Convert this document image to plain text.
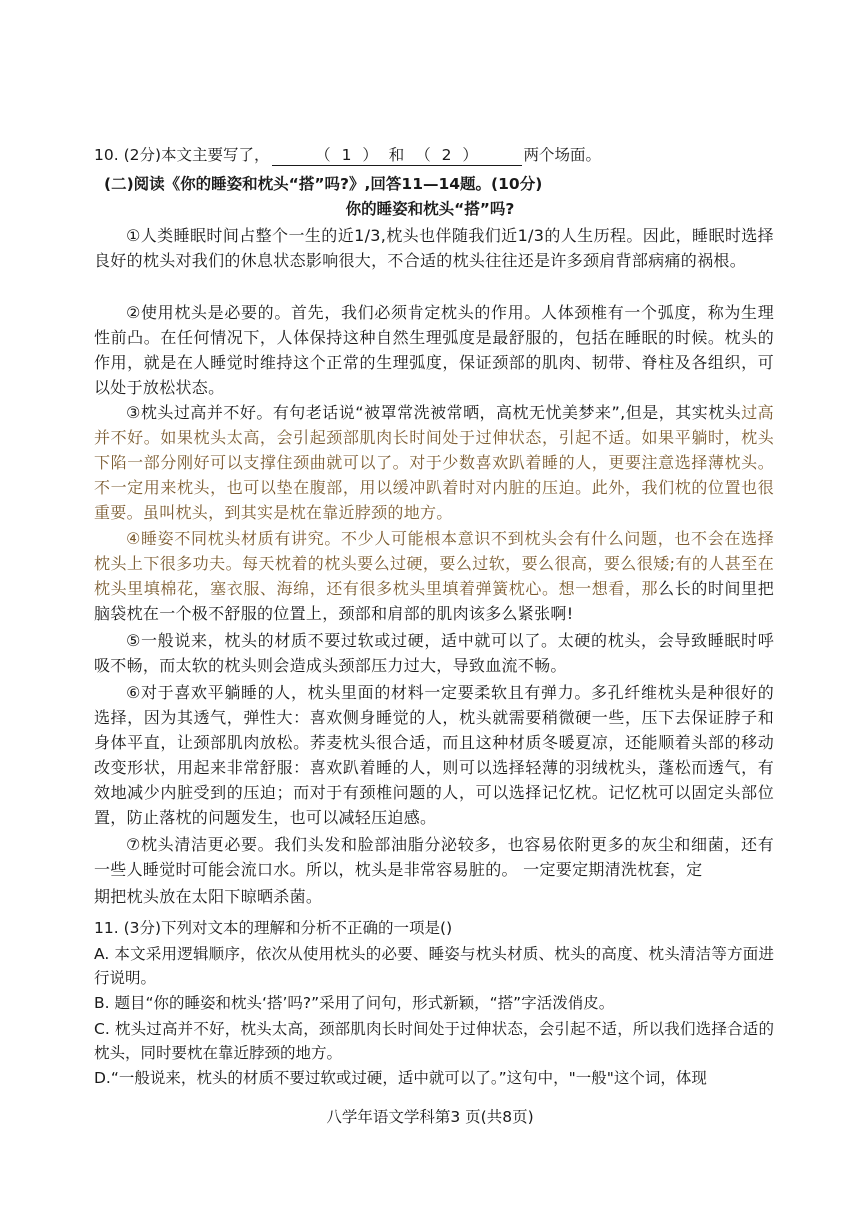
10. (2分)本文主要写了，	（ 1 ） 和 （ 2 ）	两个场面。
(二)阅读《你的睡姿和枕头“搭”吗?》,回答11—14题。(10分)
你的睡姿和枕头“搭”吗?
①人类睡眠时间占整个一生的近1/3,枕头也伴随我们近1/3的人生历程。因此，睡眠时选择良好的枕头对我们的休息状态影响很大，不合适的枕头往往还是许多颈肩背部病痛的祸根。
②使用枕头是必要的。首先，我们必须肯定枕头的作用。人体颈椎有一个弧度，称为生理性前凸。在任何情况下，人体保持这种自然生理弧度是最舒服的，包括在睡眠的时候。枕头的作用，就是在人睡觉时维持这个正常的生理弧度，保证颈部的肌肉、韧带、脊柱及各组织，可以处于放松状态。
③枕头过高并不好。有句老话说“被罩常洗被常晒，高枕无忧美梦来”,但是，其实枕头过高并不好。如果枕头太高，会引起颈部肌肉长时间处于过伸状态，引起不适。如果平躺时，枕头下陷一部分刚好可以支撑住颈曲就可以了。对于少数喜欢趴着睡的人，更要注意选择薄枕头。不一定用来枕头，也可以垫在腹部，用以缓冲趴着时对内脏的压迫。此外，我们枕的位置也很重要。虽叫枕头，到其实是枕在靠近脖颈的地方。
④睡姿不同枕头材质有讲究。不少人可能根本意识不到枕头会有什么问题，也不会在选择枕头上下很多功夫。每天枕着的枕头要么过硬，要么过软，要么很高，要么很矮;有的人甚至在枕头里填棉花，塞衣服、海绵，还有很多枕头里填着弹簧枕心。想一想看，那么长的时间里把脑袋枕在一个极不舒服的位置上，颈部和肩部的肌肉该多么紧张啊!
⑤一般说来，枕头的材质不要过软或过硬，适中就可以了。太硬的枕头，会导致睡眠时呼吸不畅，而太软的枕头则会造成头颈部压力过大，导致血流不畅。
⑥对于喜欢平躺睡的人，枕头里面的材料一定要柔软且有弹力。多孔纤维枕头是种很好的选择，因为其透气，弹性大：喜欢侧身睡觉的人，枕头就需要稍微硬一些，压下去保证脖子和身体平直，让颈部肌肉放松。荞麦枕头很合适，而且这种材质冬暖夏凉，还能顺着头部的移动改变形状，用起来非常舒服：喜欢趴着睡的人，则可以选择轻薄的羽绒枕头，蓬松而透气，有效地减少内脏受到的压迫；而对于有颈椎问题的人，可以选择记忆枕。记忆枕可以固定头部位置，防止落枕的问题发生，也可以减轻压迫感。
⑦枕头清洁更必要。我们头发和脸部油脂分泌较多，也容易依附更多的灰尘和细菌，还有一些人睡觉时可能会流口水。所以，枕头是非常容易脏的。 一定要定期清洗枕套，定
期把枕头放在太阳下晾晒杀菌。
11. (3分)下列对文本的理解和分析不正确的一项是()
A. 本文采用逻辑顺序，依次从使用枕头的必要、睡姿与枕头材质、枕头的高度、枕头清洁等方面进行说明。
B. 题目“你的睡姿和枕头‘搭’吗?”采用了问句，形式新颖，“搭”字活泼俏皮。
C. 枕头过高并不好，枕头太高，颈部肌肉长时间处于过伸状态，会引起不适，所以我们选择合适的枕头，同时要枕在靠近脖颈的地方。
D.“一般说来，枕头的材质不要过软或过硬，适中就可以了。”这句中，"一般"这个词，体现
八学年语文学科第3 页(共8页)
